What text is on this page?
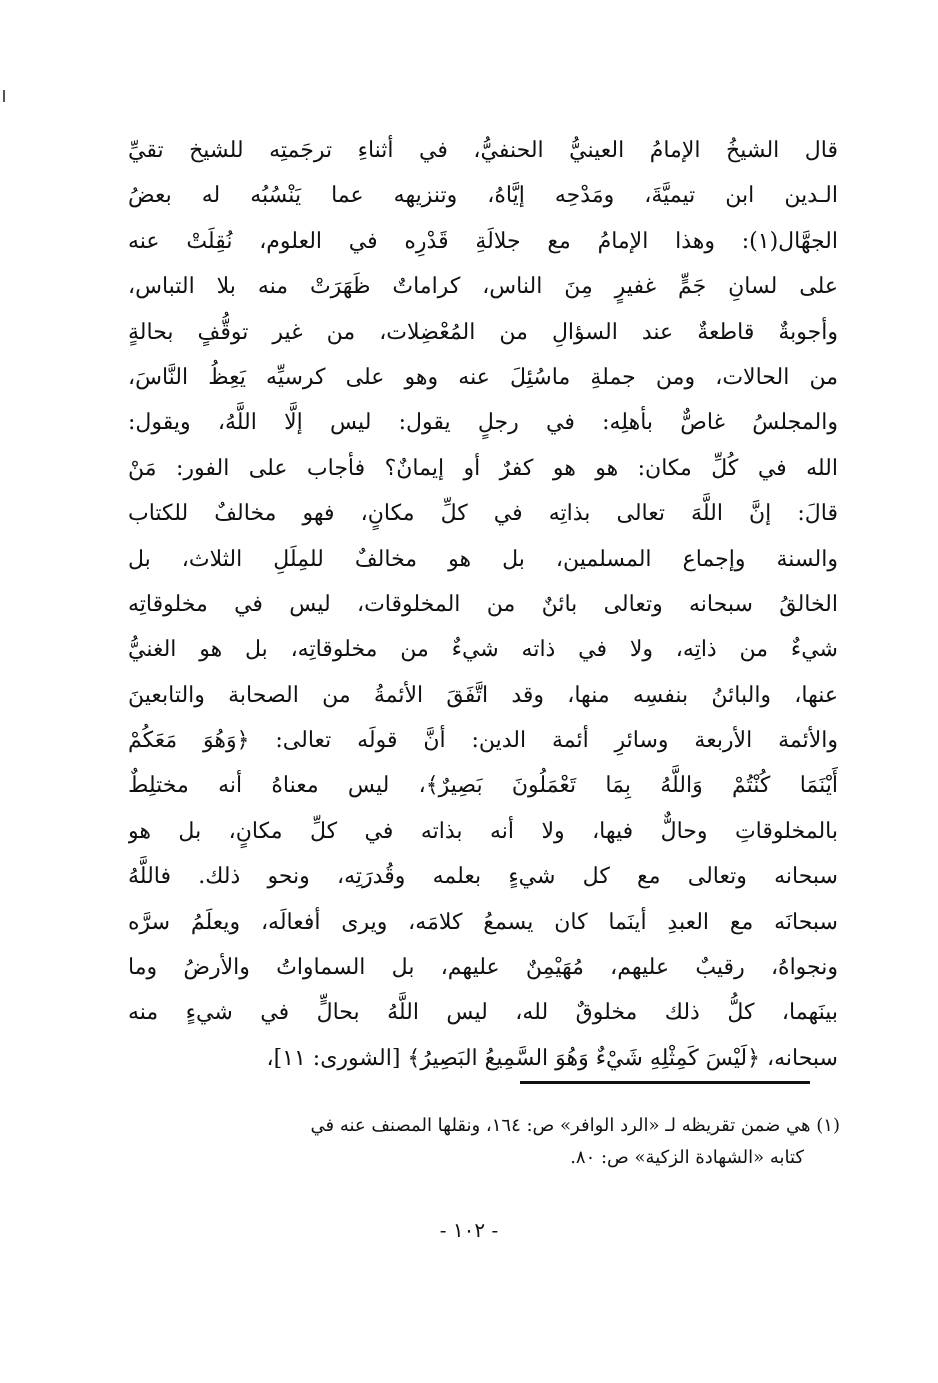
قال الشيخُ الإمامُ العينيُّ الحنفيُّ، في أثناءِ ترجَمتِه للشيخ تقيِّ
الـدين ابن تيميَّةَ، ومَدْحِه إيَّاهُ، وتنزيهه عما يَنْسُبُه له بعضُ
الجهَّال(١): وهذا الإمامُ مع جلالَةِ قَدْرِه في العلوم، نُقِلَتْ عنه
على لسانِ جَمٍّ غفيرٍ مِنَ الناس، كراماتٌ ظَهَرَتْ منه بلا التباس،
وأجوبةٌ قاطعةٌ عند السؤالِ من المُعْضِلات، من غير توقُّفٍ بحالةٍ
من الحالات، ومن جملةِ ماسُئِلَ عنه وهو على كرسيِّه يَعِظُ النَّاسَ،
والمجلسُ غاصٌّ بأهلِه: في رجلٍ يقول: ليس إلَّا اللَّهُ، ويقول:
الله في كُلِّ مكان: هو هو كفرٌ أو إيمانٌ؟ فأجاب على الفور: مَنْ
قالَ: إنَّ اللَّهَ تعالى بذاتِه في كلِّ مكانٍ، فهو مخالفٌ للكتاب
والسنة وإجماع المسلمين، بل هو مخالفٌ للمِلَلِ الثلاث، بل
الخالقُ سبحانه وتعالى بائنٌ من المخلوقات، ليس في مخلوقاتِه
شيءٌ من ذاتِه، ولا في ذاته شيءٌ من مخلوقاتِه، بل هو الغنيُّ
عنها، والبائنُ بنفسِه منها، وقد اتَّفَقَ الأئمةُ من الصحابة والتابعينَ
والأئمة الأربعة وسائرِ أئمة الدين: أنَّ قولَه تعالى: ﴿وَهُوَ مَعَكُمْ
أَيْنَمَا كُنْتُمْ وَاللَّهُ بِمَا تَعْمَلُونَ بَصِيرٌ﴾، ليس معناهُ أنه مختلِطٌ
بالمخلوقاتِ وحالٌّ فيها، ولا أنه بذاته في كلِّ مكانٍ، بل هو
سبحانه وتعالى مع كل شيءٍ بعلمه وقُدرَتِه، ونحو ذلك. فاللَّهُ
سبحانَه مع العبدِ أينَما كان يسمعُ كلامَه، ويرى أفعالَه، ويعلَمُ سرَّه
ونجواهُ، رقيبٌ عليهم، مُهَيْمِنٌ عليهم، بل السماواتُ والأرضُ وما
بينَهما، كلُّ ذلك مخلوقٌ لله، ليس اللَّهُ بحالٍّ في شيءٍ منه
سبحانه، ﴿لَيْسَ كَمِثْلِهِ شَيْءٌ وَهُوَ السَّمِيعُ البَصِيرُ﴾ [الشورى: ١١]،
(١) هي ضمن تقريظه لـ «الرد الوافر» ص: ١٦٤، ونقلها المصنف عنه في
كتابه «الشهادة الزكية» ص: ٨٠.
- ١٠٢ -
